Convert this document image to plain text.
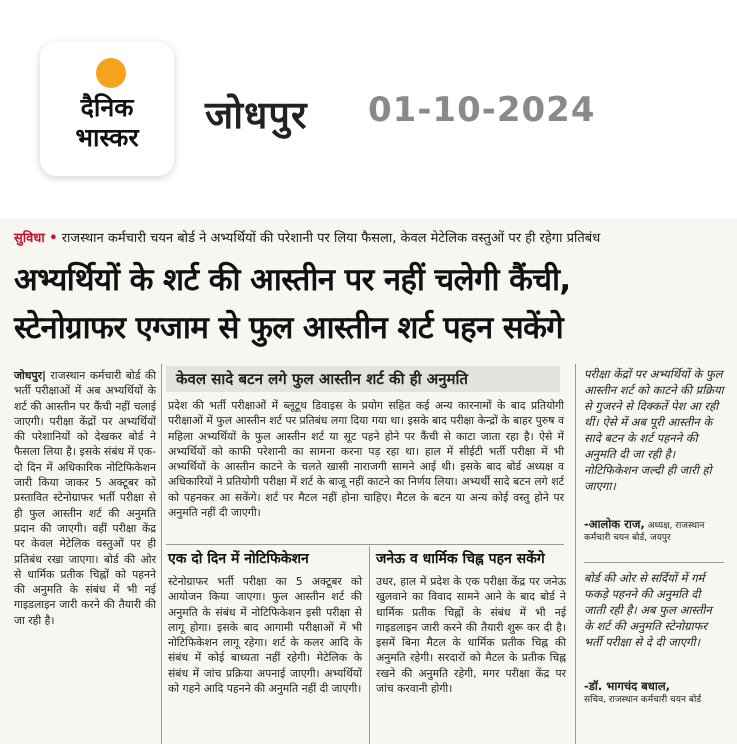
दैनिक
भास्कर
जोधपुर 01-10-2024
सुविधा • राजस्थान कर्मचारी चयन बोर्ड ने अभ्यर्थियों की परेशानी पर लिया फैसला, केवल मेटेलिक वस्तुओं पर ही रहेगा प्रतिबंध
अभ्यर्थियों के शर्ट की आस्तीन पर नहीं चलेगी कैंची,
स्टेनोग्राफर एग्जाम से फुल आस्तीन शर्ट पहन सकेंगे
जोधपुर| राजस्थान कर्मचारी बोर्ड की भर्ती परीक्षाओं में अब अभ्यर्थियों के शर्ट की आस्तीन पर कैंची नहीं चलाई जाएगी। परीक्षा केंद्रों पर अभ्यर्थियों की परेशानियों को देखकर बोर्ड ने फैसला लिया है। इसके संबंध में एक-दो दिन में अधिकारिक नोटिफिकेशन जारी किया जाकर 5 अक्टूबर को प्रस्तावित स्टेनोग्राफर भर्ती परीक्षा से ही फुल आस्तीन शर्ट की अनुमति प्रदान की जाएगी। वहीं परीक्षा केंद्र पर केवल मेटेलिक वस्तुओं पर ही प्रतिबंध रखा जाएगा। बोर्ड की ओर से धार्मिक प्रतीक चिह्नों को पहनने की अनुमति के संबंध में भी नई गाइडलाइन जारी करने की तैयारी की जा रही है।
केवल सादे बटन लगे फुल आस्तीन शर्ट की ही अनुमति
प्रदेश की भर्ती परीक्षाओं में ब्लूटूथ डिवाइस के प्रयोग सहित कई अन्य कारनामों के बाद प्रतियोगी परीक्षाओं में फुल आस्तीन शर्ट पर प्रतिबंध लगा दिया गया था। इसके बाद परीक्षा केन्द्रों के बाहर पुरुष व महिला अभ्यर्थियों के फुल आस्तीन शर्ट या सूट पहने होने पर कैंची से काटा जाता रहा है। ऐसे में अभ्यर्थियों को काफी परेशानी का सामना करना पड़ रहा था। हाल में सीईटी भर्ती परीक्षा में भी अभ्यर्थियों के आस्तीन काटने के चलते खासी नाराजगी सामने आई थी। इसके बाद बोर्ड अध्यक्ष व अधिकारियों ने प्रतियोगी परीक्षा में शर्ट के बाजू नहीं काटने का निर्णय लिया। अभ्यर्थी सादे बटन लगे शर्ट को पहनकर आ सकेंगे। शर्ट पर मैटल नहीं होना चाहिए। मैटल के बटन या अन्य कोई वस्तु होने पर अनुमति नहीं दी जाएगी।
एक दो दिन में नोटिफिकेशन	जनेऊ व धार्मिक चिह्न पहन सकेंगे
स्टेनोग्राफर भर्ती परीक्षा का 5 अक्टूबर को आयोजन किया जाएगा। फुल आस्तीन शर्ट की अनुमति के संबंध में नोटिफिकेशन इसी परीक्षा से लागू होगा। इसके बाद आगामी परीक्षाओं में भी नोटिफिकेशन लागू रहेगा। शर्ट के कलर आदि के संबंध में कोई बाध्यता नहीं रहेगी। मेटेलिक के संबंध में जांच प्रक्रिया अपनाई जाएगी। अभ्यर्थियों को गहने आदि पहनने की अनुमति नहीं दी जाएगी।
उधर, हाल में प्रदेश के एक परीक्षा केंद्र पर जनेऊ खुलवाने का विवाद सामने आने के बाद बोर्ड ने धार्मिक प्रतीक चिह्नों के संबंध में भी नई गाइडलाइन जारी करने की तैयारी शुरू कर दी है। इसमें बिना मैटल के धार्मिक प्रतीक चिह्न की अनुमति रहेगी। सरदारों को मैटल के प्रतीक चिह्न रखने की अनुमति रहेगी, मगर परीक्षा केंद्र पर जांच करवानी होगी।
परीक्षा केंद्रों पर अभ्यर्थियों के फुल आस्तीन शर्ट को काटने की प्रक्रिया से गुजरने से दिक्कतें पेश आ रही थीं। ऐसे में अब पूरी आस्तीन के सादे बटन के शर्ट पहनने की अनुमति दी जा रही है। नोटिफिकेशन जल्दी ही जारी हो जाएगा।
-आलोक राज, अध्यक्ष, राजस्थान कर्मचारी चयन बोर्ड, जयपुर
बोर्ड की ओर से सर्दियों में गर्म फकड़े पहनने की अनुमति दी जाती रही है। अब फुल आस्तीन के शर्ट की अनुमति स्टेनोग्राफर भर्ती परीक्षा से दे दी जाएगी।
-डॉ. भागचंद बधाल,
सचिव, राजस्थान कर्मचारी चयन बोर्ड
